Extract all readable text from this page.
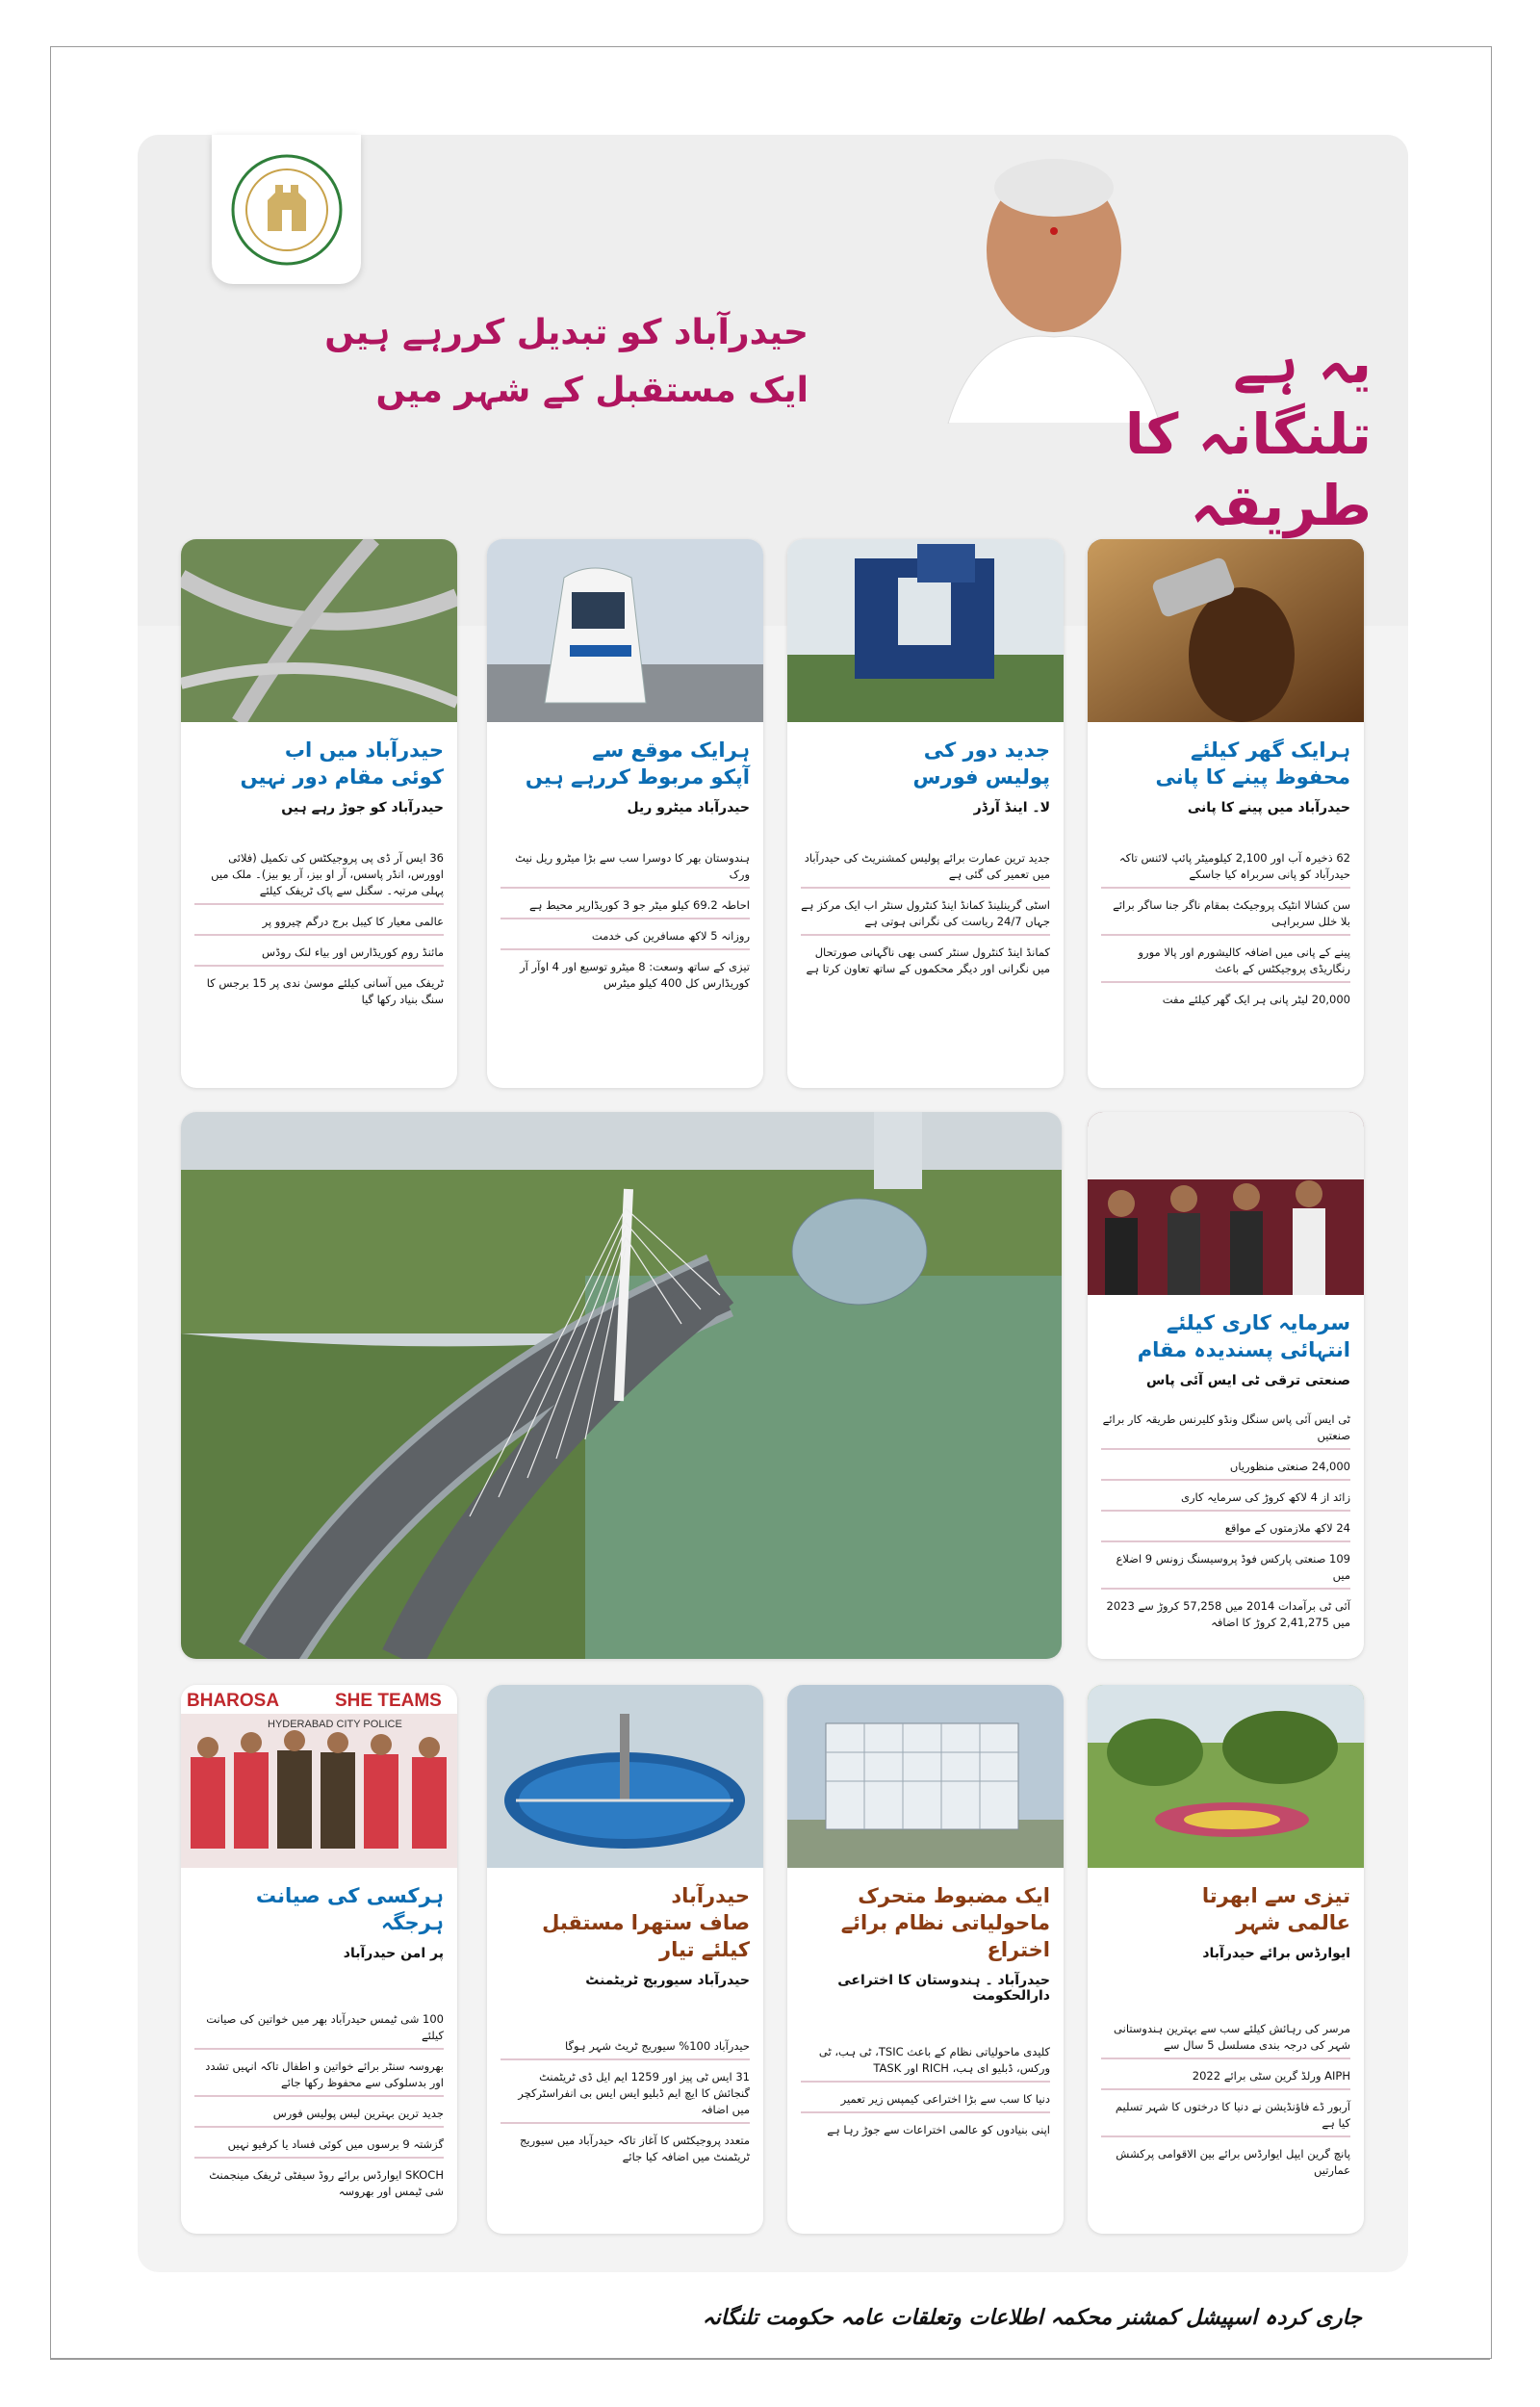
حیدرآباد کو تبدیل کررہے ہیں
ایک مستقبل کے شہر میں	یہ ہے
تلنگانہ کا
طریقہ

ہرایک گھر کیلئے

محفوظ پینے کا پانی

حیدرآباد میں پینے کا پانی

62 ذخیرہ آب اور 2,100 کیلومیٹر پائپ لائنس تاکہ حیدرآباد کو پانی سربراہ کیا جاسکے
سن کشالا انٹیک پروجیکٹ بمقام ناگر جنا ساگر برائے بلا خلل سربراہی
پینے کے پانی میں اضافہ کالیشورم اور پالا مورو رنگاریڈی پروجیکٹس کے باعث
20,000 لیٹر پانی ہر ایک گھر کیلئے مفت

جدید دور کی

پولیس فورس

لا۔ اینڈ آرڈر

جدید ترین عمارت برائے پولیس کمشنریٹ کی حیدرآباد میں تعمیر کی گئی ہے
اسٹی گرینلینڈ کمانڈ اینڈ کنٹرول سنٹر اب ایک مرکز ہے جہاں 24/7 ریاست کی نگرانی ہوتی ہے
کمانڈ اینڈ کنٹرول سنٹر کسی بھی ناگہانی صورتحال میں نگرانی اور دیگر محکموں کے ساتھ تعاون کرتا ہے

ہرایک موقع سے

آپکو مربوط کررہے ہیں

حیدرآباد میٹرو ریل

ہندوستان بھر کا دوسرا سب سے بڑا میٹرو ریل نیٹ ورک
احاطہ 69.2 کیلو میٹر جو 3 کوریڈارپر محیط ہے
روزانہ 5 لاکھ مسافرین کی خدمت
تیزی کے ساتھ وسعت: 8 میٹرو توسیع اور 4 اوآر آر کوریڈارس کل 400 کیلو میٹرس

حیدرآباد میں اب

کوئی مقام دور نہیں

حیدرآباد کو جوڑ رہے ہیں

36 ایس آر ڈی پی پروجیکٹس کی تکمیل (فلائی اوورس، انڈر پاسس، آر او بیز، آر یو بیز)۔ ملک میں پہلی مرتبہ۔ سگنل سے پاک ٹریفک کیلئے
عالمی معیار کا کیبل برج درگم چیروو پر
مائنڈ روم کوریڈارس اور بیاء لنک روڈس
ٹریفک میں آسانی کیلئے موسیٰ ندی پر 15 برجس کا سنگ بنیاد رکھا گیا

سرمایہ کاری کیلئے

انتہائی پسندیدہ مقام

صنعتی ترقی ٹی ایس آئی پاس

ٹی ایس آئی پاس سنگل ونڈو کلیرنس طریقہ کار برائے صنعتیں
24,000 صنعتی منظوریاں
زائد از 4 لاکھ کروڑ کی سرمایہ کاری
24 لاکھ ملازمتوں کے مواقع
109 صنعتی پارکس فوڈ پروسیسنگ زونس 9 اضلاع میں
آئی ٹی برآمدات 2014 میں 57,258 کروڑ سے 2023 میں 2,41,275 کروڑ کا اضافہ

تیزی سے ابھرتا

عالمی شہر

ایوارڈس برائے حیدرآباد

مرسر کی رہائش کیلئے سب سے بہترین ہندوستانی شہر کی درجہ بندی مسلسل 5 سال سے
AIPH ورلڈ گرین سٹی برائے 2022
آربور ڈے فاؤنڈیشن نے دنیا کا درختوں کا شہر تسلیم کیا ہے
پانچ گرین ایپل ایوارڈس برائے بین الاقوامی پرکشش عمارتیں

ایک مضبوط متحرک

ماحولیاتی نظام برائے اختراع

حیدرآباد ۔ ہندوستان کا اختراعی دارالحکومت

کلیدی ماحولیاتی نظام کے باعث TSIC، ٹی ہب، ٹی ورکس، ڈبلیو ای ہب، RICH اور TASK
دنیا کا سب سے بڑا اختراعی کیمپس زیر تعمیر
اپنی بنیادوں کو عالمی اختراعات سے جوڑ رہا ہے

حیدرآباد

صاف ستھرا مستقبل

کیلئے تیار

حیدرآباد سیوریج ٹریٹمنٹ

حیدرآباد 100% سیوریج ٹریٹ شہر ہوگا
31 ایس ٹی پیز اور 1259 ایم ایل ڈی ٹریٹمنٹ گنجائش کا ایچ ایم ڈبلیو ایس ایس بی انفراسٹرکچر میں اضافہ
متعدد پروجیکٹس کا آغاز تاکہ حیدرآباد میں سیوریج ٹریٹمنٹ میں اضافہ کیا جائے
BHAROSA	SHE TEAMS
HYDERABAD CITY POLICE

ہرکسی کی صیانت

ہرجگہ

پر امن حیدرآباد

100 شی ٹیمس حیدرآباد بھر میں خواتین کی صیانت کیلئے
بھروسہ سنٹر برائے خواتین و اطفال تاکہ انہیں تشدد اور بدسلوکی سے محفوظ رکھا جائے
جدید ترین بہترین لیس پولیس فورس
گزشتہ 9 برسوں میں کوئی فساد یا کرفیو نہیں
SKOCH ایوارڈس برائے روڈ سیفٹی ٹریفک مینجمنٹ شی ٹیمس اور بھروسہ
جاری کردہ اسپیشل کمشنر محکمہ اطلاعات وتعلقات عامہ حکومت تلنگانہ
